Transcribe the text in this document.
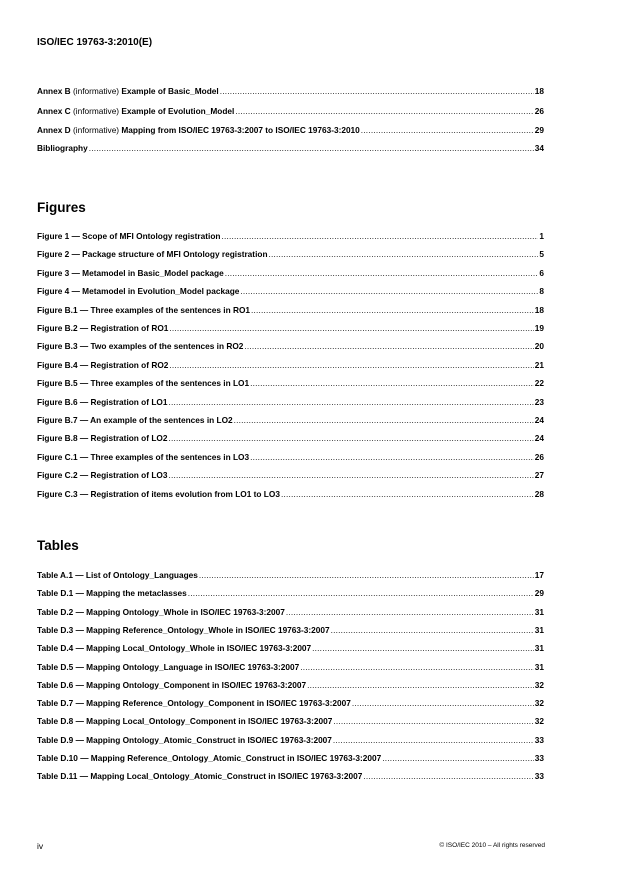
ISO/IEC 19763-3:2010(E)
Annex B (informative) Example of Basic_Model .....	18
Annex C (informative) Example of Evolution_Model .....	26
Annex D (informative) Mapping from ISO/IEC 19763-3:2007 to ISO/IEC 19763-3:2010 .....	29
Bibliography .....	34
Figures
Figure 1 — Scope of MFI Ontology registration .....	1
Figure 2 — Package structure of MFI Ontology registration .....	5
Figure 3 — Metamodel in Basic_Model package .....	6
Figure 4 — Metamodel in Evolution_Model package .....	8
Figure B.1 — Three examples of the sentences in RO1 .....	18
Figure B.2 — Registration of RO1 .....	19
Figure B.3 — Two examples of the sentences in RO2 .....	20
Figure B.4 — Registration of RO2 .....	21
Figure B.5 — Three examples of the sentences in LO1 .....	22
Figure B.6 — Registration of LO1 .....	23
Figure B.7 — An example of the sentences in LO2 .....	24
Figure B.8 — Registration of LO2 .....	24
Figure C.1 — Three examples of the sentences in LO3 .....	26
Figure C.2 — Registration of LO3 .....	27
Figure C.3 — Registration of items evolution from LO1 to LO3 .....	28
Tables
Table A.1 — List of Ontology_Languages .....	17
Table D.1 — Mapping the metaclasses .....	29
Table D.2 — Mapping Ontology_Whole in ISO/IEC 19763-3:2007 .....	31
Table D.3 — Mapping Reference_Ontology_Whole in ISO/IEC 19763-3:2007 .....	31
Table D.4 — Mapping Local_Ontology_Whole in ISO/IEC 19763-3:2007 .....	31
Table D.5 — Mapping Ontology_Language in ISO/IEC 19763-3:2007 .....	31
Table D.6 — Mapping Ontology_Component in ISO/IEC 19763-3:2007 .....	32
Table D.7 — Mapping Reference_Ontology_Component in ISO/IEC 19763-3:2007 .....	32
Table D.8 — Mapping Local_Ontology_Component in ISO/IEC 19763-3:2007 .....	32
Table D.9 — Mapping Ontology_Atomic_Construct in ISO/IEC 19763-3:2007 .....	33
Table D.10 — Mapping Reference_Ontology_Atomic_Construct in ISO/IEC 19763-3:2007 .....	33
Table D.11 — Mapping Local_Ontology_Atomic_Construct in ISO/IEC 19763-3:2007 .....	33
iv	© ISO/IEC 2010 – All rights reserved
